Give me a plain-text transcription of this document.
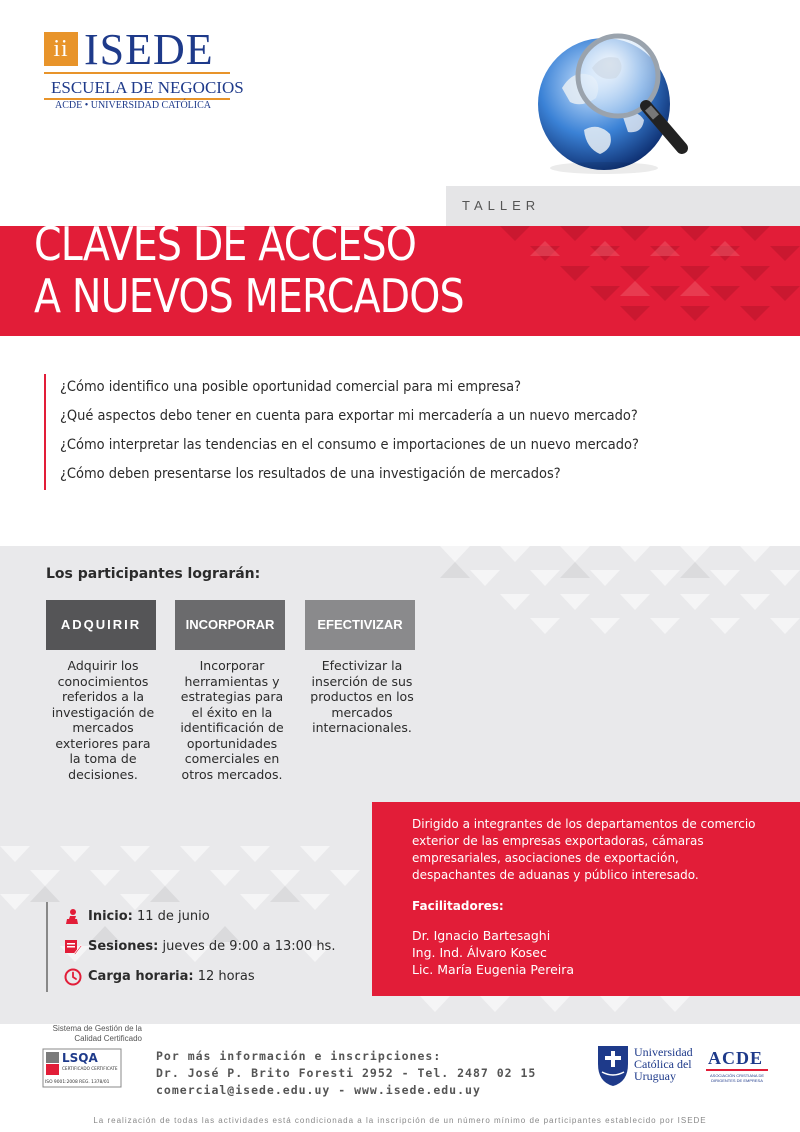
ii ISEDE
ESCUELA DE NEGOCIOS
ACDE • UNIVERSIDAD CATÓLICA
TALLER
CLAVES DE ACCESO
A NUEVOS MERCADOS
¿Cómo identifico una posible oportunidad comercial para mi empresa?
¿Qué aspectos debo tener en cuenta para exportar mi mercadería a un nuevo mercado?
¿Cómo interpretar las tendencias en el consumo e importaciones de un nuevo mercado?
¿Cómo deben presentarse los resultados de una investigación de mercados?
Los participantes lograrán:
ADQUIRIR	INCORPORAR	EFECTIVIZAR
Adquirir los conocimientos referidos a la investigación de mercados exteriores para la toma de decisiones.
Incorporar herramientas y estrategias para el éxito en la identificación de oportunidades comerciales en otros mercados.
Efectivizar la inserción de sus productos en los mercados internacionales.
Dirigido a integrantes de los departamentos de comercio exterior de las empresas exportadoras, cámaras empresariales, asociaciones de exportación, despachantes de aduanas y público interesado.
Facilitadores:
Dr. Ignacio Bartesaghi
Ing. Ind. Álvaro Kosec
Lic. María Eugenia Pereira
Inicio: 11 de junio
Sesiones: jueves de 9:00 a 13:00 hs.
Carga horaria: 12 horas
Sistema de Gestión de la Calidad Certificado
LSQA
CERTIFICADO CERTIFICATE
ISO 9001:2008 REG. 1378/01
Por más información e inscripciones:
Dr. José P. Brito Foresti 2952 - Tel. 2487 02 15
comercial@isede.edu.uy - www.isede.edu.uy
Universidad
Católica del
Uruguay
ACDE
ASOCIACIÓN CRISTIANA DE DIRIGENTES DE EMPRESA
La realización de todas las actividades está condicionada a la inscripción de un número mínimo de participantes establecido por ISEDE
